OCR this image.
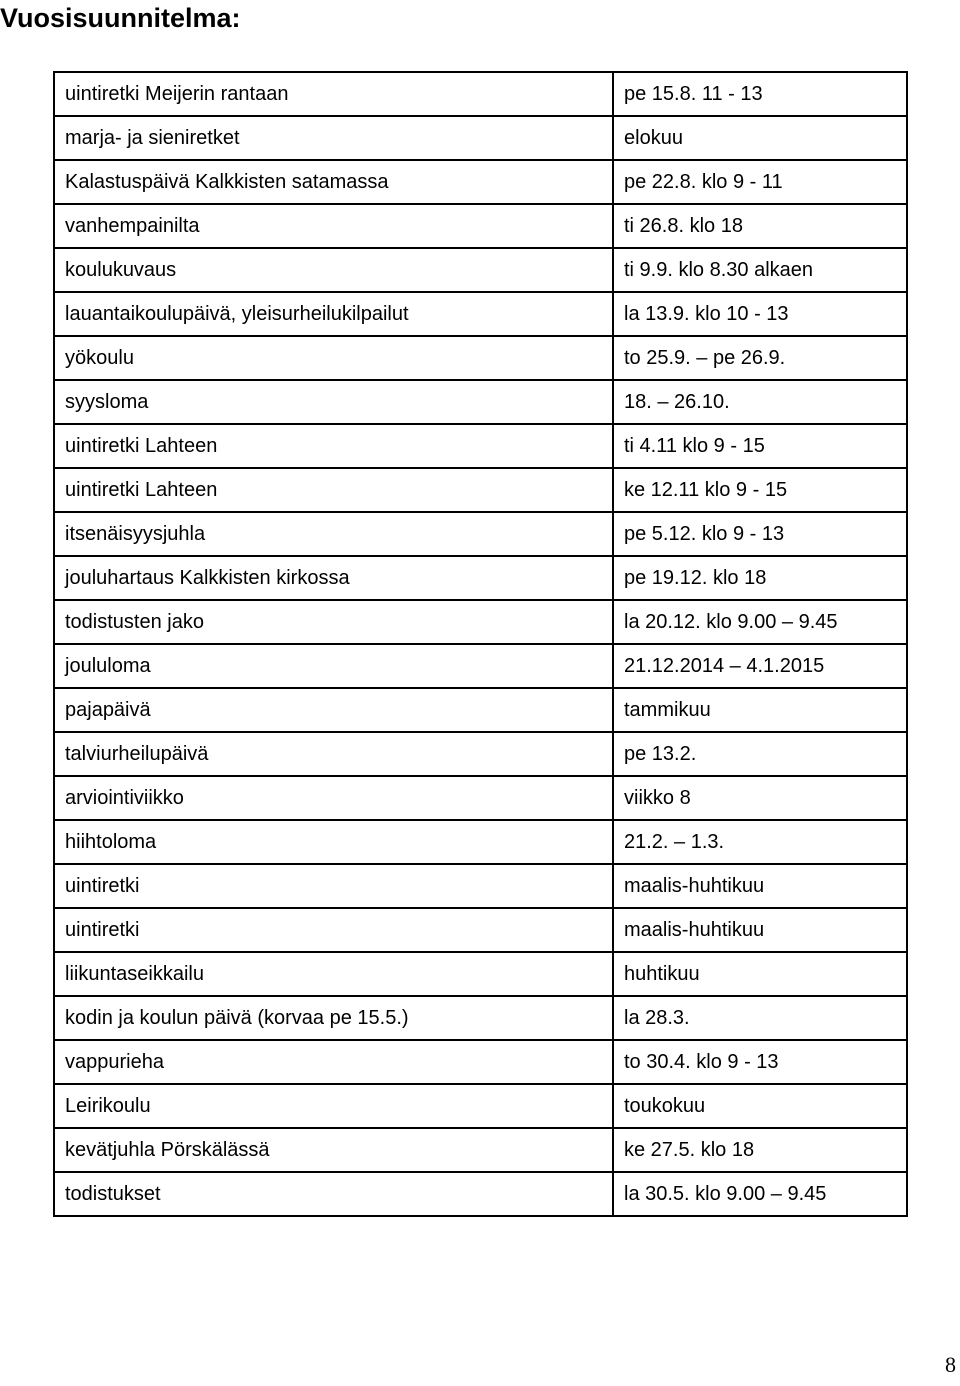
Vuosisuunnitelma:
uintiretki Meijerin rantaan	pe 15.8. 11 - 13
marja- ja sieniretket	elokuu
Kalastuspäivä Kalkkisten satamassa	pe 22.8. klo 9 - 11
vanhempainilta	ti 26.8. klo 18
koulukuvaus	ti 9.9. klo 8.30 alkaen
lauantaikoulupäivä, yleisurheilukilpailut	la 13.9. klo 10 - 13
yökoulu	to 25.9. – pe 26.9.
syysloma	18. – 26.10.
uintiretki Lahteen	ti 4.11 klo 9 - 15
uintiretki Lahteen	ke 12.11 klo 9 - 15
itsenäisyysjuhla	pe 5.12. klo 9 - 13
jouluhartaus Kalkkisten kirkossa	pe 19.12. klo 18
todistusten jako	la 20.12. klo 9.00 – 9.45
joululoma	21.12.2014 – 4.1.2015
pajapäivä	tammikuu
talviurheilupäivä	pe 13.2.
arviointiviikko	viikko 8
hiihtoloma	21.2. – 1.3.
uintiretki	maalis-huhtikuu
uintiretki	maalis-huhtikuu
liikuntaseikkailu	huhtikuu
kodin ja koulun päivä (korvaa pe 15.5.)	la 28.3.
vappurieha	to 30.4. klo 9 - 13
Leirikoulu	toukokuu
kevätjuhla Pörskälässä	ke 27.5. klo 18
todistukset	la 30.5. klo 9.00 – 9.45
8
